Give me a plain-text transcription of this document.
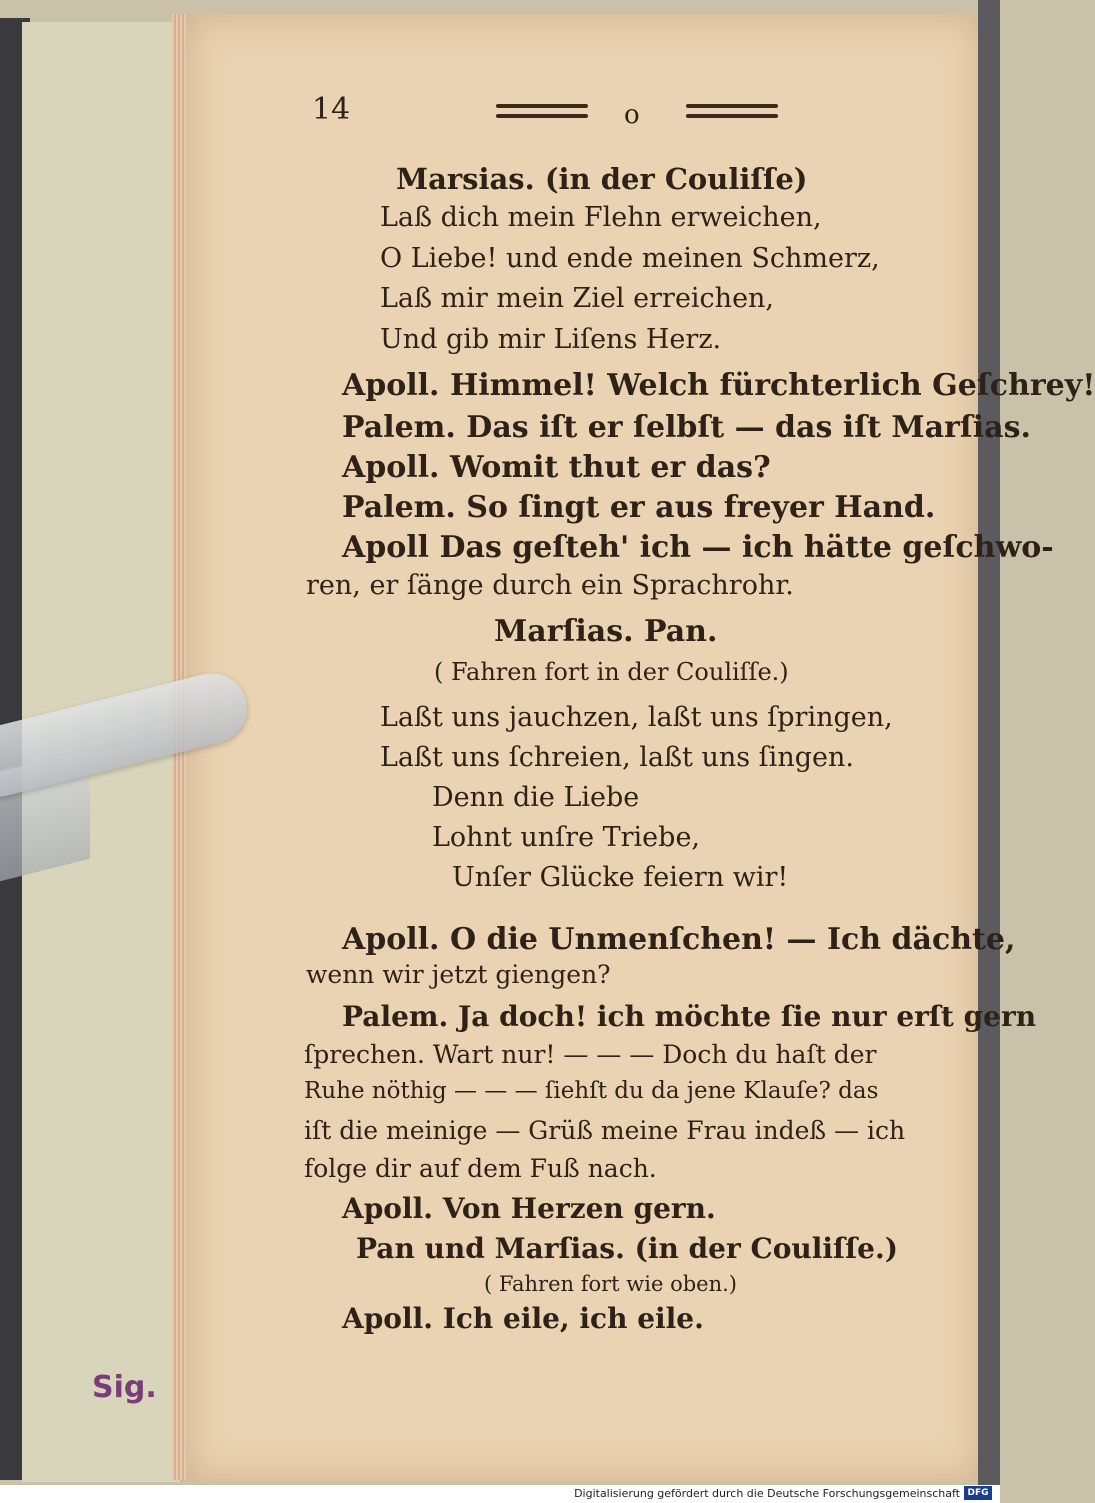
Sig.
14	o

Marsias. (in der Couliſſe)

Laß dich mein Flehn erweichen,

O Liebe! und ende meinen Schmerz,

Laß mir mein Ziel erreichen,

Und gib mir Liſens Herz.

Apoll. Himmel! Welch fürchterlich Geſchrey!

Palem. Das iſt er ſelbſt — das iſt Marſias.

Apoll. Womit thut er das?

Palem. So ſingt er aus freyer Hand.

Apoll Das geſteh' ich — ich hätte geſchwo-

ren, er ſänge durch ein Sprachrohr.

Marſias. Pan.

( Fahren fort in der Couliſſe.)

Laßt uns jauchzen, laßt uns ſpringen,

Laßt uns ſchreien, laßt uns ſingen.

Denn die Liebe

Lohnt unſre Triebe,

Unſer Glücke feiern wir!

Apoll. O die Unmenſchen! — Ich dächte,

wenn wir jetzt giengen?

Palem. Ja doch! ich möchte ſie nur erſt gern

ſprechen. Wart nur! — — — Doch du haſt der

Ruhe nöthig — — — ſiehſt du da jene Klauſe? das

iſt die meinige — Grüß meine Frau indeß — ich

folge dir auf dem Fuß nach.

Apoll. Von Herzen gern.

Pan und Marſias. (in der Couliſſe.)

( Fahren fort wie oben.)

Apoll. Ich eile, ich eile.

Digitalisierung gefördert durch die Deutsche Forschungsgemeinschaft DFG
